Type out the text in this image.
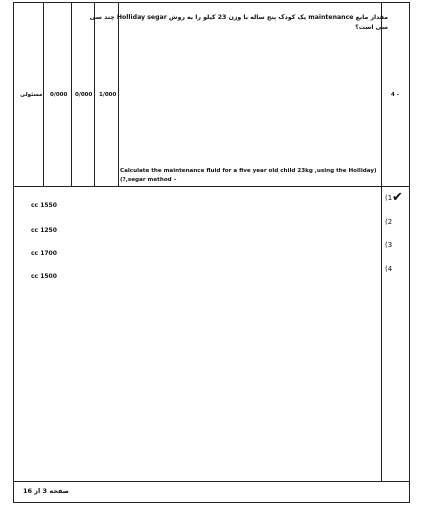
مسئولی 0/000 0/000 1/000	4 -
مقدار مایع maintenance یک کودک پنج ساله با وزن 23 کیلو را به روش Holliday segar چند سی سی است؟
Calculate the maintenance fluid for a five year old child 23kg ,using the Holliday) (?,segar method –
cc 1550
cc 1250
cc 1700
cc 1500
(1
(2
(3
(4
✔
صفحه 3 از 16
